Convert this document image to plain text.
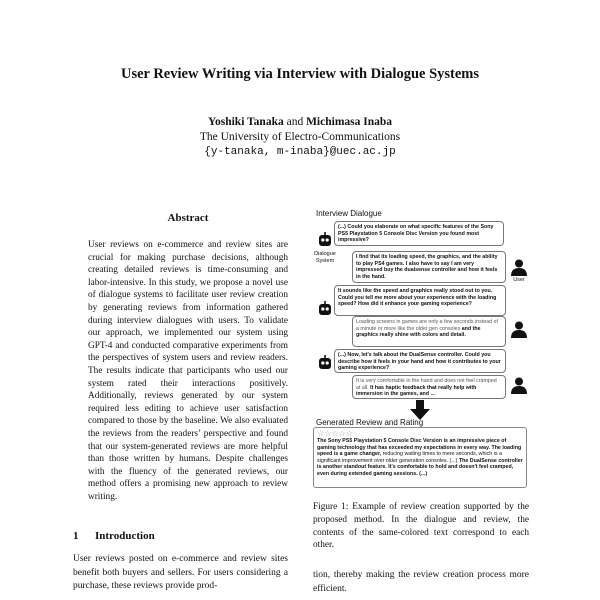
User Review Writing via Interview with Dialogue Systems
Yoshiki Tanaka and Michimasa Inaba
The University of Electro-Communications
{y-tanaka, m-inaba}@uec.ac.jp
Abstract
User reviews on e-commerce and review sites are crucial for making purchase decisions, although creating detailed reviews is time-consuming and labor-intensive. In this study, we propose a novel use of dialogue systems to facilitate user review creation by generating reviews from information gathered during interview dialogues with users. To validate our approach, we implemented our system using GPT-4 and conducted comparative experiments from the perspectives of system users and review readers. The results indicate that participants who used our system rated their interactions positively. Additionally, reviews generated by our system required less editing to achieve user satisfaction compared to those by the baseline. We also evaluated the reviews from the readers’ perspective and found that our system-generated reviews are more helpful than those written by humans. Despite challenges with the fluency of the generated reviews, our method offers a promising new approach to review writing.
1 Introduction
User reviews posted on e-commerce and review sites benefit both buyers and sellers. For users considering a purchase, these reviews provide prod-
Interview Dialogue
Dialogue
System
(...) Could you elaborate on what specific features of the Sony PS5 Playstation 5 Console Disc Version you found most impressive?
User
I find that its loading speed, the graphics, and the ability to play PS4 games. I also have to say I am very impressed buy the dualsense controller and how it feels in the hand.
It sounds like the speed and graphics really stood out to you. Could you tell me more about your experience with the loading speed? How did it enhance your gaming experience?
Loading screens in games are only a few seconds instead of a minute or more like the older gen consoles and the graphics really shine with colors and detail.
(...) Now, let's talk about the DualSense controller. Could you describe how it feels in your hand and how it contributes to your gaming experience?
It is very comfortable in the hand and does not feel cramped at all. It has haptic feedback that really help with immersion in the games, and ...
Generated Review and Rating
☆☆☆☆☆
The Sony PS5 Playstation 5 Console Disc Version is an impressive piece of gaming technology that has exceeded my expectations in every way. The loading speed is a game changer, reducing waiting times to mere seconds, which is a significant improvement over older generation consoles. (...) The DualSense controller is another standout feature. It's comfortable to hold and doesn't feel cramped, even during extended gaming sessions. (...)
Figure 1: Example of review creation supported by the proposed method. In the dialogue and review, the contents of the same-colored text correspond to each other.
tion, thereby making the review creation process more efficient.
